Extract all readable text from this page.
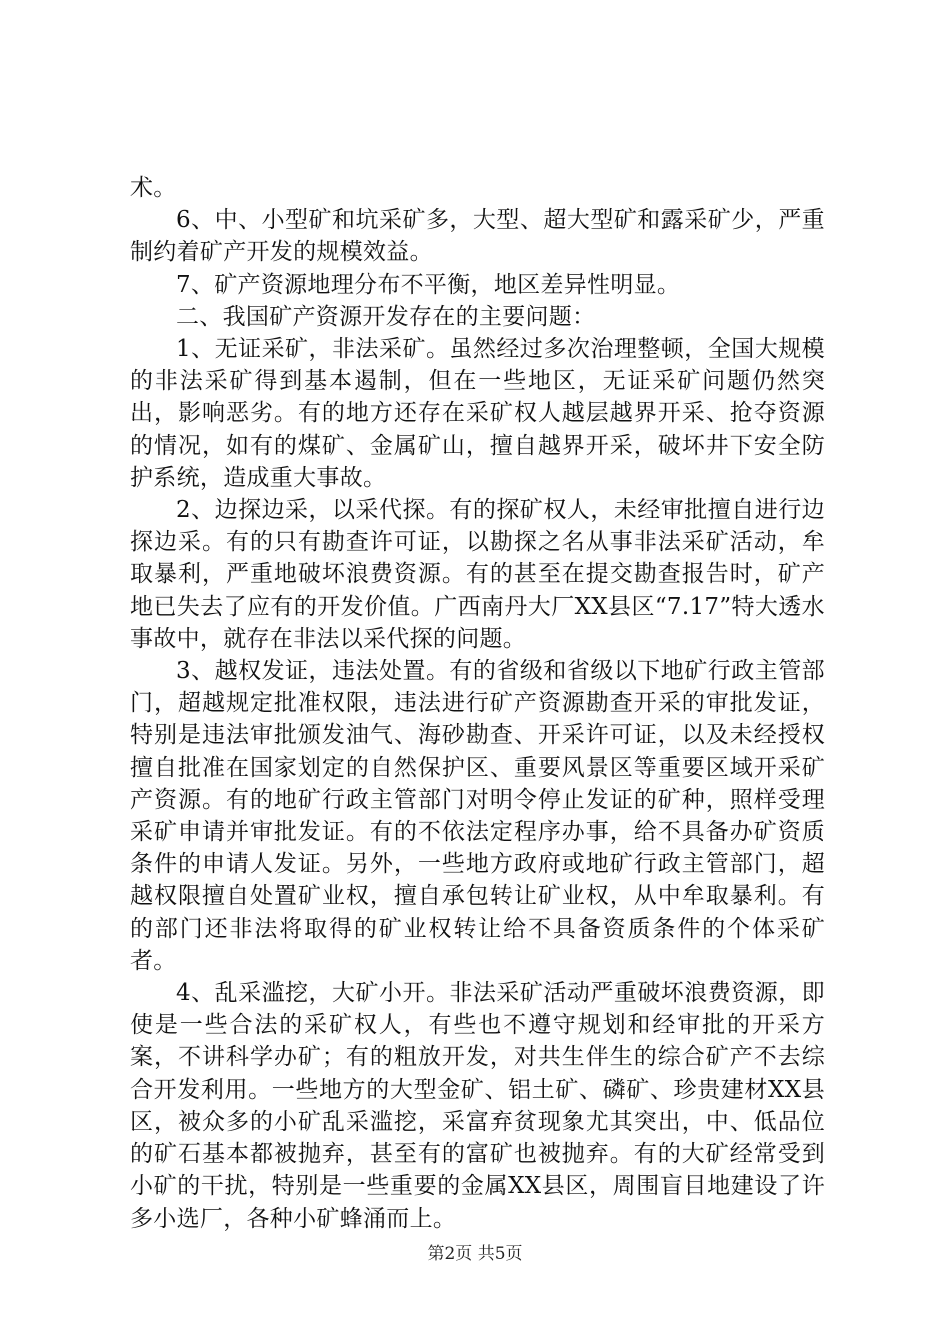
术。

6、中、小型矿和坑采矿多，大型、超大型矿和露采矿少，严重制约着矿产开发的规模效益。

7、矿产资源地理分布不平衡，地区差异性明显。

二、我国矿产资源开发存在的主要问题：

1、无证采矿，非法采矿。虽然经过多次治理整顿，全国大规模的非法采矿得到基本遏制，但在一些地区，无证采矿问题仍然突出，影响恶劣。有的地方还存在采矿权人越层越界开采、抢夺资源的情况，如有的煤矿、金属矿山，擅自越界开采，破坏井下安全防护系统，造成重大事故。

2、边探边采，以采代探。有的探矿权人，未经审批擅自进行边探边采。有的只有勘查许可证，以勘探之名从事非法采矿活动，牟取暴利，严重地破坏浪费资源。有的甚至在提交勘查报告时，矿产地已失去了应有的开发价值。广西南丹大厂XX县区“7.17”特大透水事故中，就存在非法以采代探的问题。

3、越权发证，违法处置。有的省级和省级以下地矿行政主管部门，超越规定批准权限，违法进行矿产资源勘查开采的审批发证，特别是违法审批颁发油气、海砂勘查、开采许可证，以及未经授权擅自批准在国家划定的自然保护区、重要风景区等重要区域开采矿产资源。有的地矿行政主管部门对明令停止发证的矿种，照样受理采矿申请并审批发证。有的不依法定程序办事，给不具备办矿资质条件的申请人发证。另外，一些地方政府或地矿行政主管部门，超越权限擅自处置矿业权，擅自承包转让矿业权，从中牟取暴利。有的部门还非法将取得的矿业权转让给不具备资质条件的个体采矿者。

4、乱采滥挖，大矿小开。非法采矿活动严重破坏浪费资源，即使是一些合法的采矿权人，有些也不遵守规划和经审批的开采方案，不讲科学办矿；有的粗放开发，对共生伴生的综合矿产不去综合开发利用。一些地方的大型金矿、铝土矿、磷矿、珍贵建材XX县区，被众多的小矿乱采滥挖，采富弃贫现象尤其突出，中、低品位的矿石基本都被抛弃，甚至有的富矿也被抛弃。有的大矿经常受到小矿的干扰，特别是一些重要的金属XX县区，周围盲目地建设了许多小选厂，各种小矿蜂涌而上。

第2页 共5页
